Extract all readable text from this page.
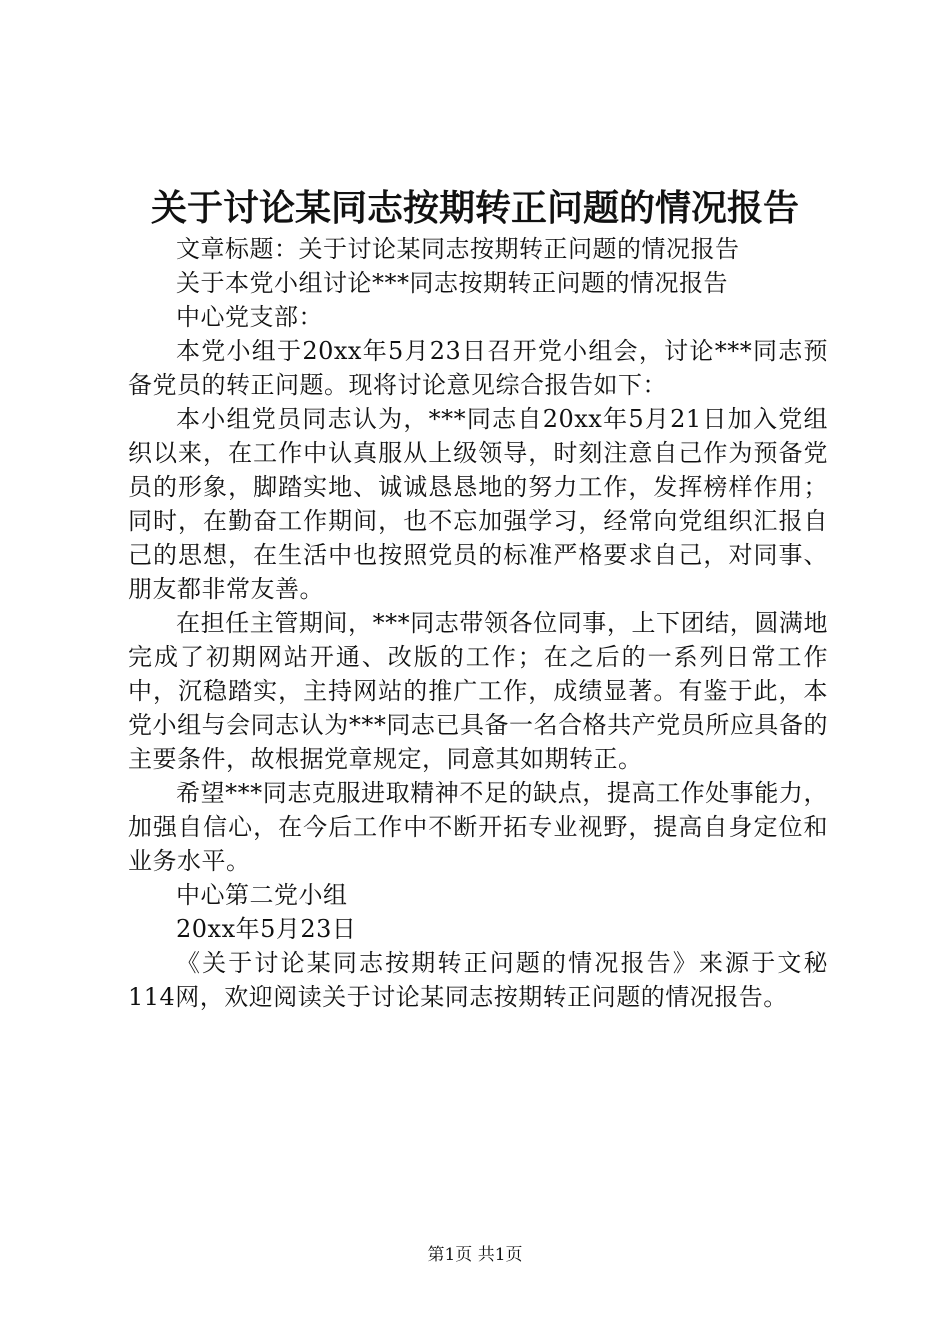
关于讨论某同志按期转正问题的情况报告

文章标题：关于讨论某同志按期转正问题的情况报告

关于本党小组讨论***同志按期转正问题的情况报告

中心党支部：

本党小组于20xx年5月23日召开党小组会，讨论***同志预备党员的转正问题。现将讨论意见综合报告如下：

本小组党员同志认为，***同志自20xx年5月21日加入党组织以来，在工作中认真服从上级领导，时刻注意自己作为预备党员的形象，脚踏实地、诚诚恳恳地的努力工作，发挥榜样作用；同时，在勤奋工作期间，也不忘加强学习，经常向党组织汇报自己的思想，在生活中也按照党员的标准严格要求自己，对同事、朋友都非常友善。

在担任主管期间，***同志带领各位同事，上下团结，圆满地完成了初期网站开通、改版的工作；在之后的一系列日常工作中，沉稳踏实，主持网站的推广工作，成绩显著。有鉴于此，本党小组与会同志认为***同志已具备一名合格共产党员所应具备的主要条件，故根据党章规定，同意其如期转正。

希望***同志克服进取精神不足的缺点，提高工作处事能力，加强自信心，在今后工作中不断开拓专业视野，提高自身定位和业务水平。

中心第二党小组

20xx年5月23日

《关于讨论某同志按期转正问题的情况报告》来源于文秘114网，欢迎阅读关于讨论某同志按期转正问题的情况报告。

第1页 共1页
